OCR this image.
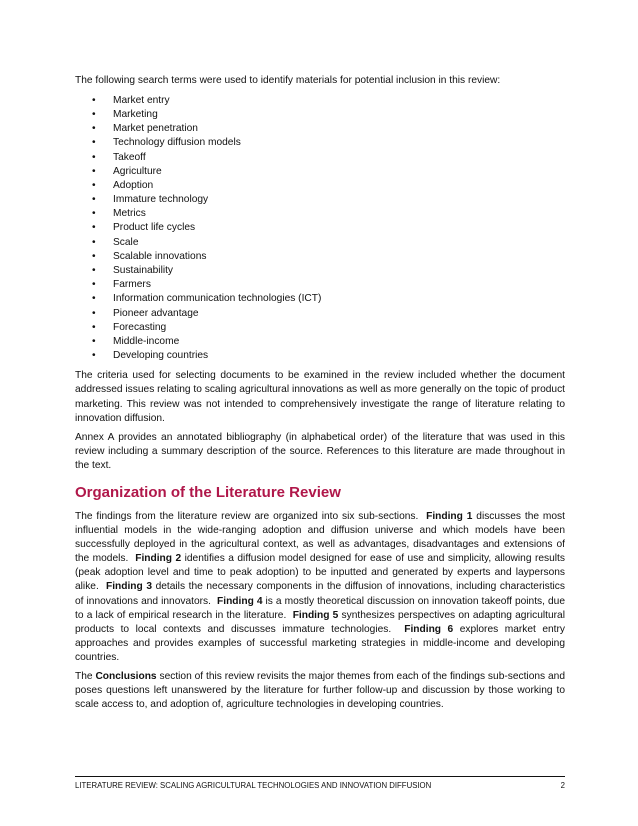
The following search terms were used to identify materials for potential inclusion in this review:

• Market entry
• Marketing
• Market penetration
• Technology diffusion models
• Takeoff
• Agriculture
• Adoption
• Immature technology
• Metrics
• Product life cycles
• Scale
• Scalable innovations
• Sustainability
• Farmers
• Information communication technologies (ICT)
• Pioneer advantage
• Forecasting
• Middle-income
• Developing countries

The criteria used for selecting documents to be examined in the review included whether the document addressed issues relating to scaling agricultural innovations as well as more generally on the topic of product marketing. This review was not intended to comprehensively investigate the range of literature relating to innovation diffusion.

Annex A provides an annotated bibliography (in alphabetical order) of the literature that was used in this review including a summary description of the source. References to this literature are made throughout in the text.

Organization of the Literature Review

The findings from the literature review are organized into six sub-sections. Finding 1 discusses the most influential models in the wide-ranging adoption and diffusion universe and which models have been successfully deployed in the agricultural context, as well as advantages, disadvantages and extensions of the models. Finding 2 identifies a diffusion model designed for ease of use and simplicity, allowing results (peak adoption level and time to peak adoption) to be inputted and generated by experts and laypersons alike. Finding 3 details the necessary components in the diffusion of innovations, including characteristics of innovations and innovators. Finding 4 is a mostly theoretical discussion on innovation takeoff points, due to a lack of empirical research in the literature. Finding 5 synthesizes perspectives on adapting agricultural products to local contexts and discusses immature technologies. Finding 6 explores market entry approaches and provides examples of successful marketing strategies in middle-income and developing countries.

The Conclusions section of this review revisits the major themes from each of the findings sub-sections and poses questions left unanswered by the literature for further follow-up and discussion by those working to scale access to, and adoption of, agriculture technologies in developing countries.

LITERATURE REVIEW: SCALING AGRICULTURAL TECHNOLOGIES AND INNOVATION DIFFUSION	2
